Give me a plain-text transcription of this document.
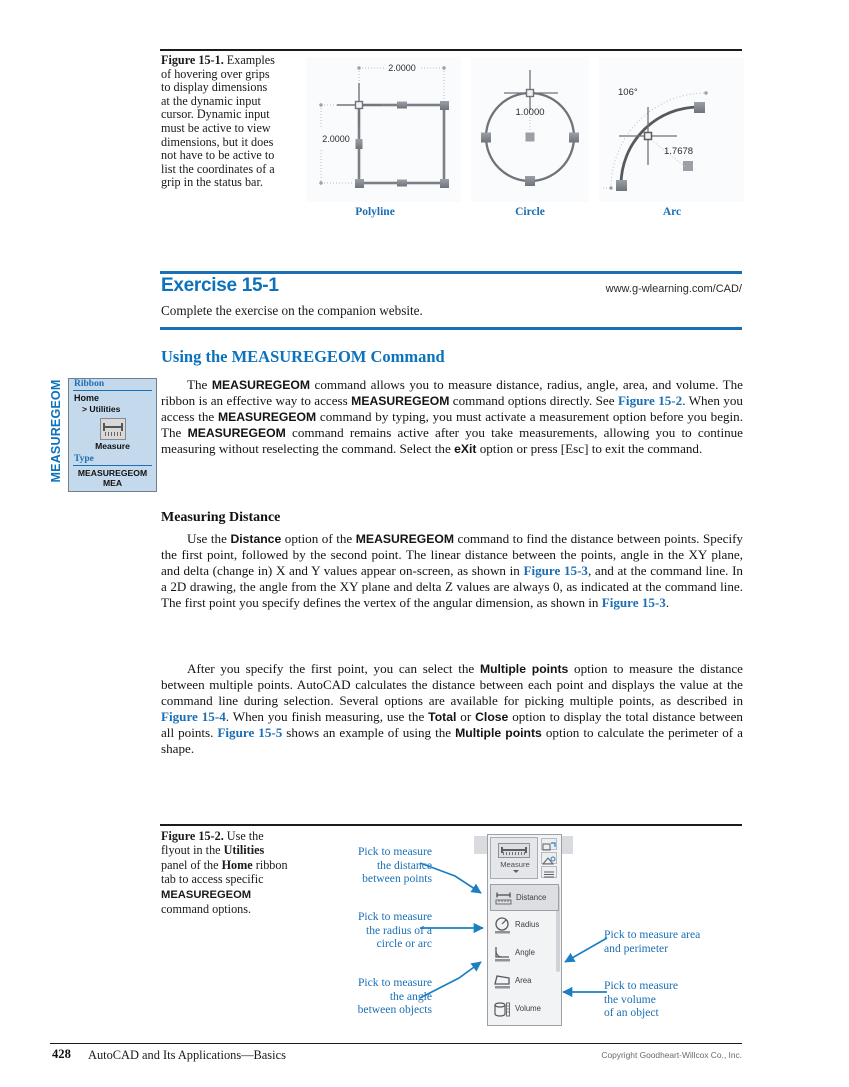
Figure 15-1. Examples of hovering over grips to display dimensions at the dynamic input cursor. Dynamic input must be active to view dimensions, but it does not have to be active to list the coordinates of a grip in the status bar.
2.0000
2.0000
1.0000
106°
1.7678
Polyline	Circle	Arc
Exercise 15-1	www.g-wlearning.com/CAD/
Complete the exercise on the companion website.
Using the MEASUREGEOM Command
The MEASUREGEOM command allows you to measure distance, radius, angle, area, and volume. The ribbon is an effective way to access MEASUREGEOM command options directly. See Figure 15-2. When you access the MEASUREGEOM command by typing, you must activate a measurement option before you begin. The MEASUREGEOM command remains active after you take measurements, allowing you to continue measuring without reselecting the command. Select the eXit option or press [Esc] to exit the command.
Measuring Distance
Use the Distance option of the MEASUREGEOM command to find the distance between points. Specify the first point, followed by the second point. The linear distance between the points, angle in the XY plane, and delta (change in) X and Y values appear on-screen, as shown in Figure 15-3, and at the command line. In a 2D drawing, the angle from the XY plane and delta Z values are always 0, as indicated at the command line. The first point you specify defines the vertex of the angular dimension, as shown in Figure 15-3.
After you specify the first point, you can select the Multiple points option to measure the distance between multiple points. AutoCAD calculates the distance between each point and displays the value at the command line during selection. Several options are available for picking multiple points, as described in Figure 15-4. When you finish measuring, use the Total or Close option to display the total distance between all points. Figure 15-5 shows an example of using the Multiple points option to calculate the perimeter of a shape.
MEASUREGEOM	Ribbon
Home
> Utilities
Measure
Type
MEASUREGEOM
MEA
Figure 15-2. Use the flyout in the Utilities panel of the Home ribbon tab to access specific MEASUREGEOM command options.
Pick to measure
the distance
between points
Pick to measure
the radius of a
circle or arc
Pick to measure
the angle
between objects
Pick to measure area
and perimeter
Pick to measure
the volume
of an object
Measure
Distance
Radius
Angle
Area
Volume
428 AutoCAD and Its Applications—Basics	Copyright Goodheart-Willcox Co., Inc.
